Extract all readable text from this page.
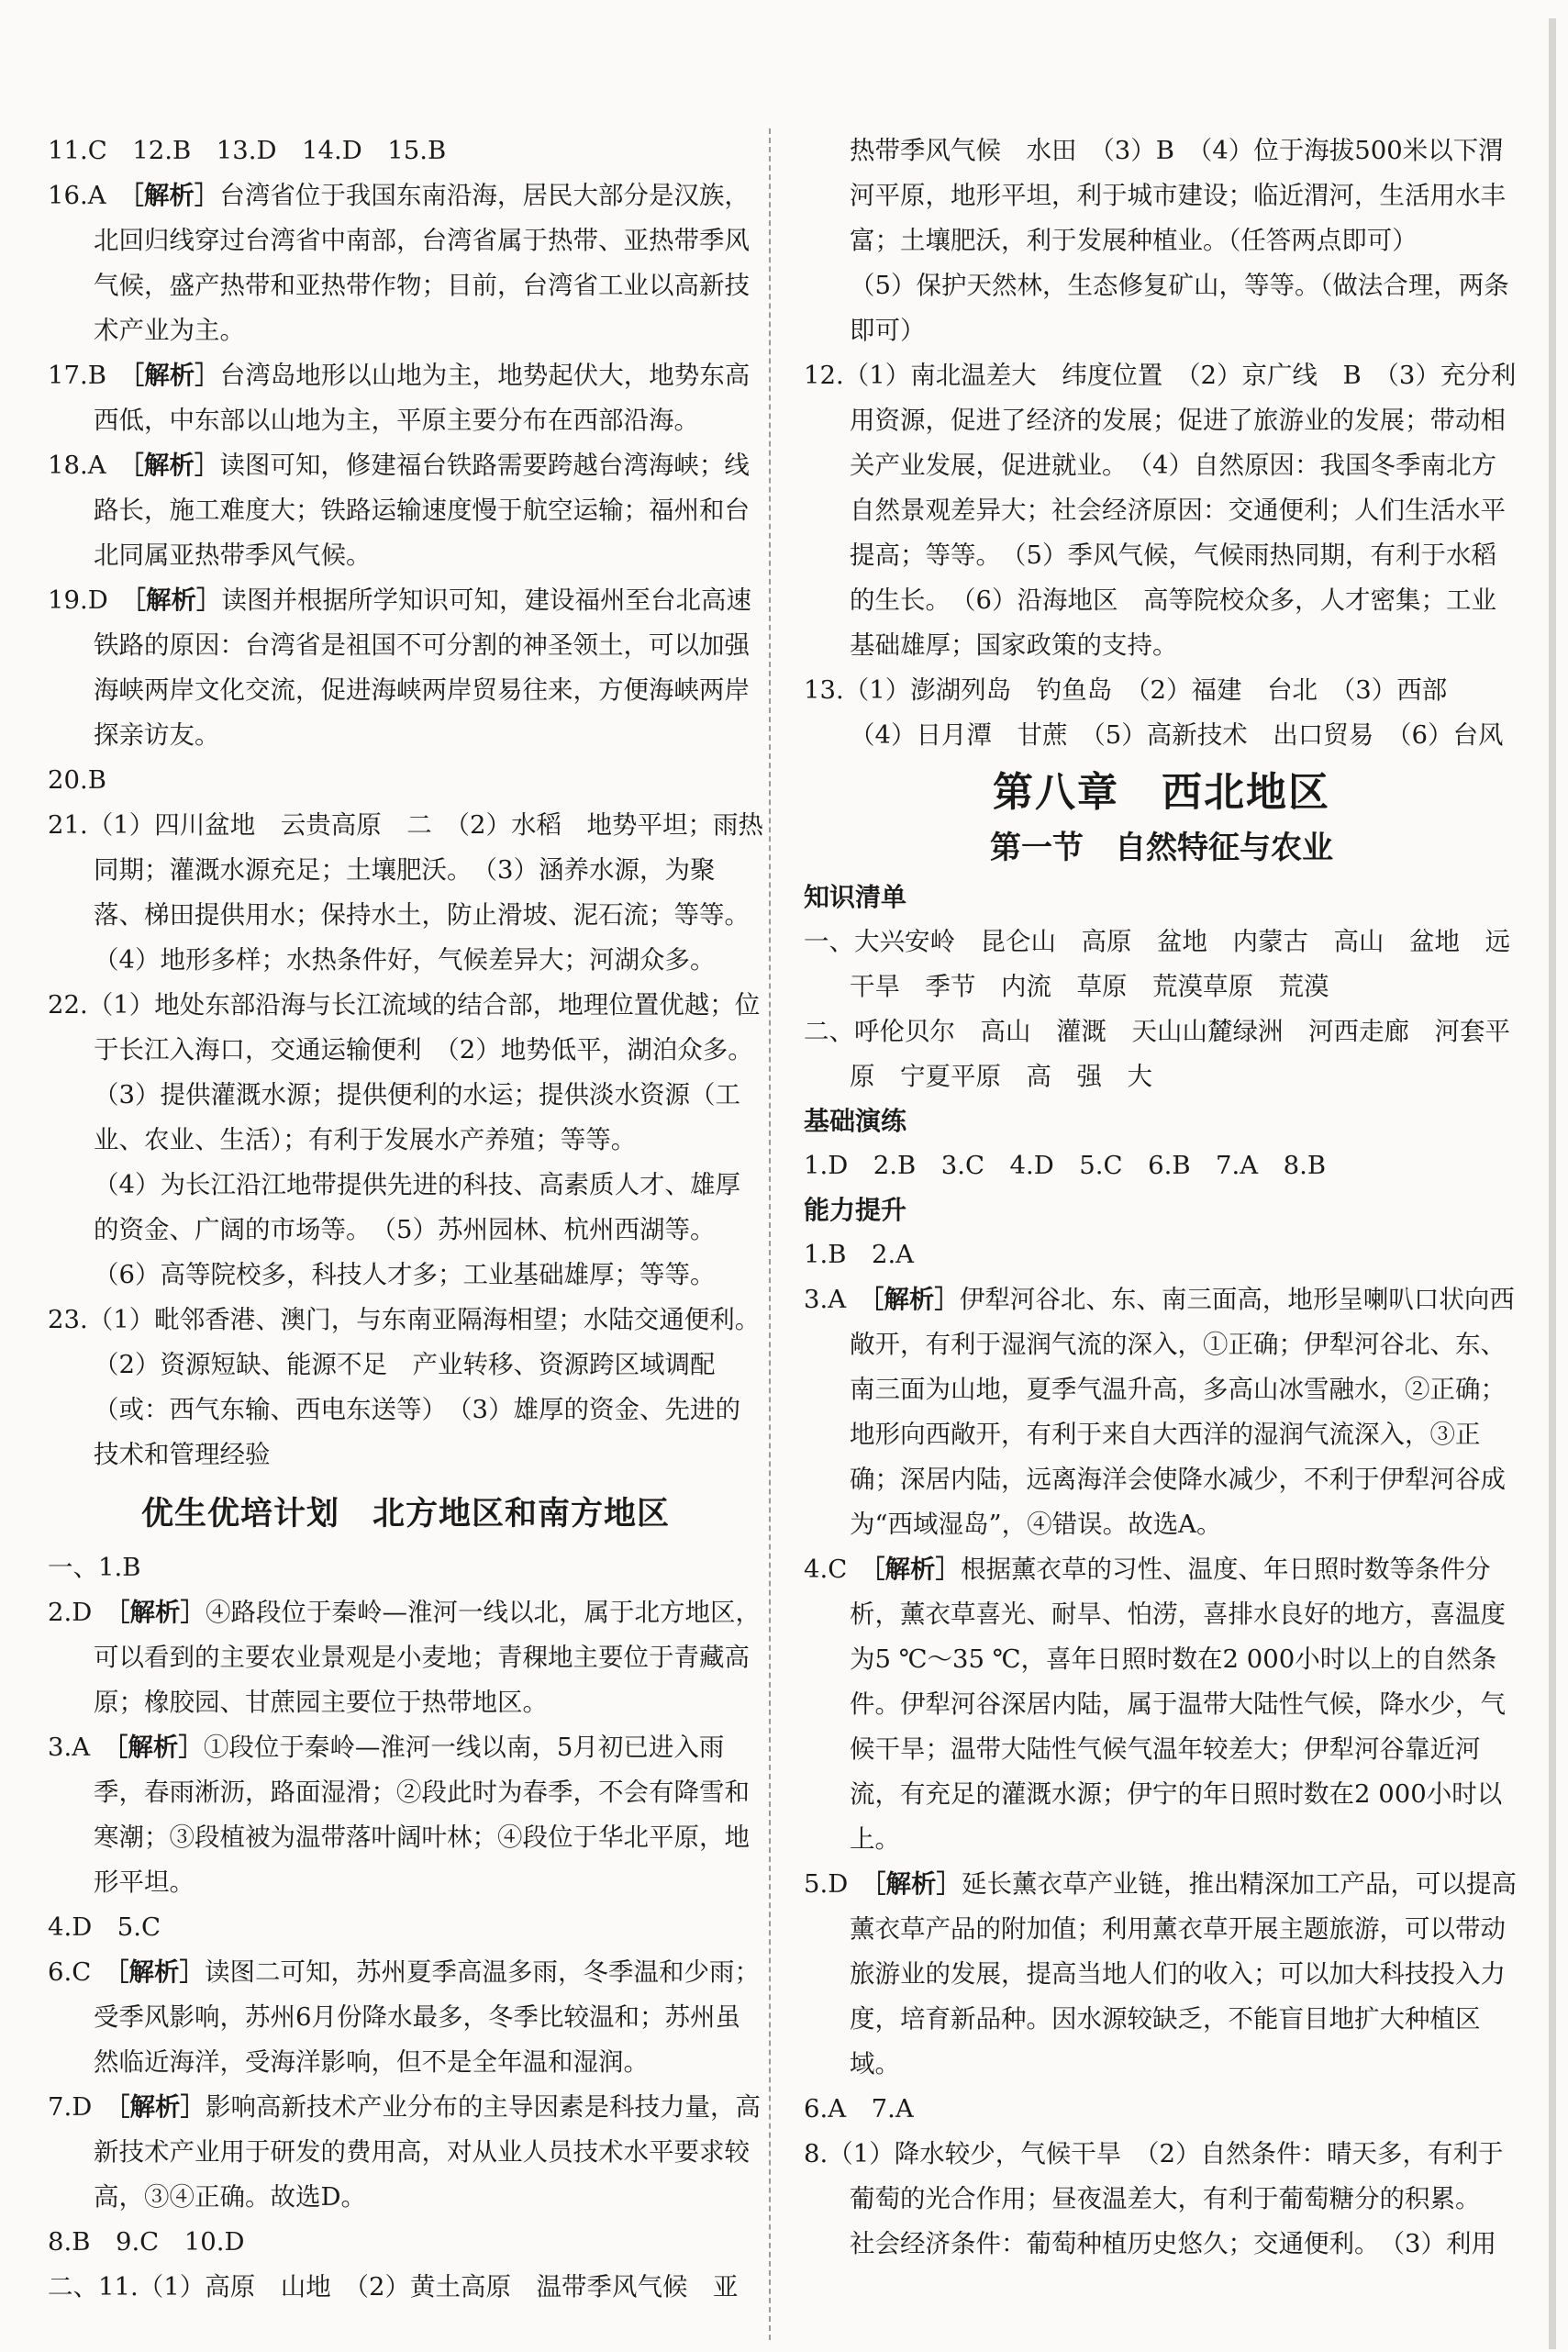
11.C　12.B　13.D　14.D　15.B

16.A　 ［解析］台湾省位于我国东南沿海，居民大部分是汉族，北回归线穿过台湾省中南部，台湾省属于热带、亚热带季风气候，盛产热带和亚热带作物；目前，台湾省工业以高新技术产业为主。

17.B　 ［解析］台湾岛地形以山地为主，地势起伏大，地势东高西低，中东部以山地为主，平原主要分布在西部沿海。

18.A　 ［解析］读图可知，修建福台铁路需要跨越台湾海峡；线路长，施工难度大；铁路运输速度慢于航空运输；福州和台北同属亚热带季风气候。

19.D　 ［解析］读图并根据所学知识可知，建设福州至台北高速铁路的原因：台湾省是祖国不可分割的神圣领土，可以加强海峡两岸文化交流，促进海峡两岸贸易往来，方便海峡两岸探亲访友。

20.B

21.（1）四川盆地　云贵高原　二　（2）水稻　地势平坦；雨热同期；灌溉水源充足；土壤肥沃。　（3）涵养水源，为聚落、梯田提供用水；保持水土，防止滑坡、泥石流；等等。

（4）地形多样；水热条件好，气候差异大；河湖众多。

22.（1）地处东部沿海与长江流域的结合部，地理位置优越；位于长江入海口，交通运输便利　（2）地势低平，湖泊众多。　（3）提供灌溉水源；提供便利的水运；提供淡水资源（工业、农业、生活）；有利于发展水产养殖；等等。

（4）为长江沿江地带提供先进的科技、高素质人才、雄厚的资金、广阔的市场等。　（5）苏州园林、杭州西湖等。

（6）高等院校多，科技人才多；工业基础雄厚；等等。

23.（1）毗邻香港、澳门，与东南亚隔海相望；水陆交通便利。

（2）资源短缺、能源不足　产业转移、资源跨区域调配（或：西气东输、西电东送等）　（3）雄厚的资金、先进的技术和管理经验

优生优培计划　北方地区和南方地区

一、1.B

2.D　 ［解析］④路段位于秦岭—淮河一线以北，属于北方地区，可以看到的主要农业景观是小麦地；青稞地主要位于青藏高原；橡胶园、甘蔗园主要位于热带地区。

3.A　 ［解析］①段位于秦岭—淮河一线以南，5月初已进入雨季，春雨淅沥，路面湿滑；②段此时为春季，不会有降雪和寒潮；③段植被为温带落叶阔叶林；④段位于华北平原，地形平坦。

4.D　5.C

6.C　 ［解析］读图二可知，苏州夏季高温多雨，冬季温和少雨；受季风影响，苏州6月份降水最多，冬季比较温和；苏州虽然临近海洋，受海洋影响，但不是全年温和湿润。

7.D　 ［解析］影响高新技术产业分布的主导因素是科技力量，高新技术产业用于研发的费用高，对从业人员技术水平要求较高，③④正确。故选D。

8.B　9.C　10.D

二、11.（1）高原　山地　（2）黄土高原　温带季风气候　亚

热带季风气候　水田　（3）B　（4）位于海拔500米以下渭河平原，地形平坦，利于城市建设；临近渭河，生活用水丰富；土壤肥沃，利于发展种植业。（任答两点即可）

（5）保护天然林，生态修复矿山，等等。（做法合理，两条即可）

12.（1）南北温差大　纬度位置　（2）京广线　B　（3）充分利用资源，促进了经济的发展；促进了旅游业的发展；带动相关产业发展，促进就业。　（4）自然原因：我国冬季南北方自然景观差异大；社会经济原因：交通便利；人们生活水平提高；等等。　（5）季风气候，气候雨热同期，有利于水稻的生长。　（6）沿海地区　高等院校众多，人才密集；工业基础雄厚；国家政策的支持。

13.（1）澎湖列岛　钓鱼岛　（2）福建　台北　（3）西部

（4）日月潭　甘蔗　（5）高新技术　出口贸易　（6）台风

第八章　西北地区
第一节　自然特征与农业
知识清单

一、大兴安岭　昆仑山　高原　盆地　内蒙古　高山　盆地　远　干旱　季节　内流　草原　荒漠草原　荒漠

二、呼伦贝尔　高山　灌溉　天山山麓绿洲　河西走廊　河套平原　宁夏平原　高　强　大

基础演练

1.D　2.B　3.C　4.D　5.C　6.B　7.A　8.B

能力提升

1.B　2.A

3.A　 ［解析］伊犁河谷北、东、南三面高，地形呈喇叭口状向西敞开，有利于湿润气流的深入，①正确；伊犁河谷北、东、南三面为山地，夏季气温升高，多高山冰雪融水，②正确；地形向西敞开，有利于来自大西洋的湿润气流深入，③正确；深居内陆，远离海洋会使降水减少，不利于伊犁河谷成为“西域湿岛”，④错误。故选A。

4.C　 ［解析］根据薰衣草的习性、温度、年日照时数等条件分析，薰衣草喜光、耐旱、怕涝，喜排水良好的地方，喜温度为5 ℃～35 ℃，喜年日照时数在2 000小时以上的自然条件。伊犁河谷深居内陆，属于温带大陆性气候，降水少，气候干旱；温带大陆性气候气温年较差大；伊犁河谷靠近河流，有充足的灌溉水源；伊宁的年日照时数在2 000小时以上。

5.D　 ［解析］延长薰衣草产业链，推出精深加工产品，可以提高薰衣草产品的附加值；利用薰衣草开展主题旅游，可以带动旅游业的发展，提高当地人们的收入；可以加大科技投入力度，培育新品种。因水源较缺乏，不能盲目地扩大种植区域。

6.A　7.A

8.（1）降水较少，气候干旱　（2）自然条件：晴天多，有利于葡萄的光合作用；昼夜温差大，有利于葡萄糖分的积累。

社会经济条件：葡萄种植历史悠久；交通便利。　（3）利用
